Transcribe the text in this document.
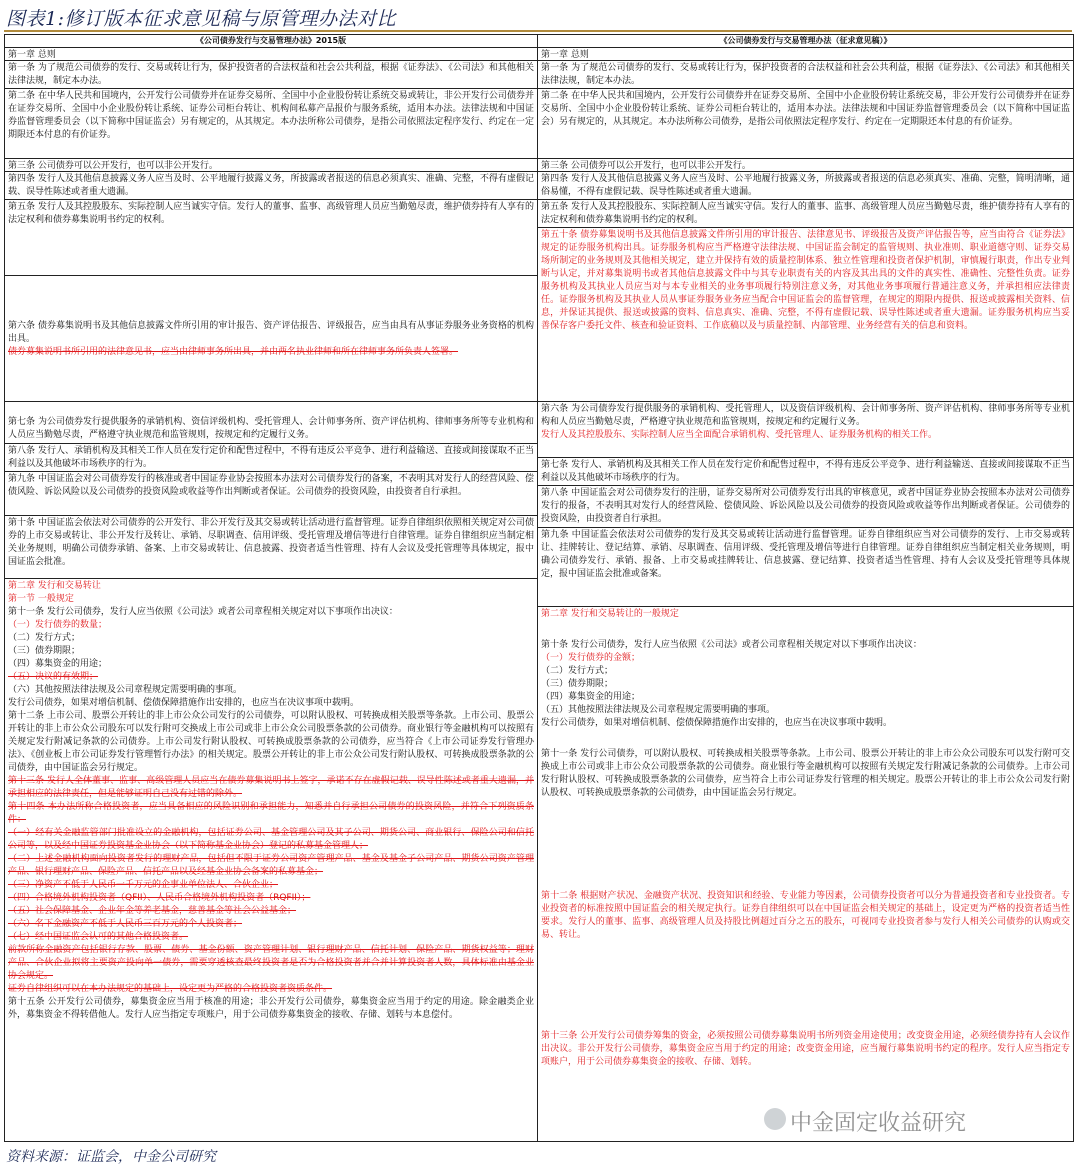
图表1:修订版本征求意见稿与原管理办法对比
《公司债券发行与交易管理办法》2015版

第一章 总则

第一条 为了规范公司债券的发行、交易或转让行为，保护投资者的合法权益和社会公共利益，根据《证券法》、《公司法》和其他相关法律法规，制定本办法。

第二条 在中华人民共和国境内，公开发行公司债券并在证券交易所、全国中小企业股份转让系统交易或转让，非公开发行公司债券并在证券交易所、全国中小企业股份转让系统、证券公司柜台转让、机构间私募产品报价与服务系统，适用本办法。法律法规和中国证券监督管理委员会（以下简称中国证监会）另有规定的，从其规定。本办法所称公司债券，是指公司依照法定程序发行、约定在一定期限还本付息的有价证券。

第三条 公司债券可以公开发行，也可以非公开发行。

第四条 发行人及其他信息披露义务人应当及时、公平地履行披露义务，所披露或者报送的信息必须真实、准确、完整，不得有虚假记载、误导性陈述或者重大遗漏。

第五条 发行人及其控股股东、实际控制人应当诚实守信。发行人的董事、监事、高级管理人员应当勤勉尽责，维护债券持有人享有的法定权利和债券募集说明书约定的权利。

第六条 债券募集说明书及其他信息披露文件所引用的审计报告、资产评估报告、评级报告，应当由具有从事证券服务业务资格的机构出具。

债券募集说明书所引用的法律意见书，应当由律师事务所出具，并由两名执业律师和所在律师事务所负责人签署。

第七条 为公司债券发行提供服务的承销机构、资信评级机构、受托管理人、会计师事务所、资产评估机构、律师事务所等专业机构和人员应当勤勉尽责，严格遵守执业规范和监管规则，按规定和约定履行义务。

第八条 发行人、承销机构及其相关工作人员在发行定价和配售过程中，不得有违反公平竞争、进行利益输送、直接或间接谋取不正当利益以及其他破坏市场秩序的行为。

第九条 中国证监会对公司债券发行的核准或者中国证券业协会按照本办法对公司债券发行的备案，不表明其对发行人的经营风险、偿债风险、诉讼风险以及公司债券的投资风险或收益等作出判断或者保证。公司债券的投资风险，由投资者自行承担。

第十条 中国证监会依法对公司债券的公开发行、非公开发行及其交易或转让活动进行监督管理。证券自律组织依照相关规定对公司债券的上市交易或转让、非公开发行及转让、承销、尽职调查、信用评级、受托管理及增信等进行自律管理。证券自律组织应当制定相关业务规则，明确公司债券承销、备案、上市交易或转让、信息披露、投资者适当性管理、持有人会议及受托管理等具体规定，报中国证监会批准。

第二章 发行和交易转让

第一节 一般规定

第十一条 发行公司债券，发行人应当依照《公司法》或者公司章程相关规定对以下事项作出决议：

（一）发行债券的数量；

（二）发行方式；

（三）债券期限；

（四）募集资金的用途；

（五）决议的有效期；

（六）其他按照法律法规及公司章程规定需要明确的事项。

发行公司债券，如果对增信机制、偿债保障措施作出安排的，也应当在决议事项中载明。

第十二条 上市公司、股票公开转让的非上市公众公司发行的公司债券，可以附认股权、可转换成相关股票等条款。上市公司、股票公开转让的非上市公众公司股东可以发行附可交换成上市公司或非上市公众公司股票条款的公司债券。商业银行等金融机构可以按照有关规定发行附减记条款的公司债券。上市公司发行附认股权、可转换成股票条款的公司债券，应当符合《上市公司证券发行管理办法》、《创业板上市公司证券发行管理暂行办法》的相关规定。股票公开转让的非上市公众公司发行附认股权、可转换成股票条款的公司债券，由中国证监会另行规定。

第十三条 发行人全体董事、监事、高级管理人员应当在债券募集说明书上签字，承诺不存在虚假记载、误导性陈述或者重大遗漏，并承担相应的法律责任，但是能够证明自己没有过错的除外。

第十四条 本办法所称合格投资者，应当具备相应的风险识别和承担能力，知悉并自行承担公司债券的投资风险，并符合下列资质条件：

（一）经有关金融监管部门批准设立的金融机构，包括证券公司、基金管理公司及其子公司、期货公司、商业银行、保险公司和信托公司等，以及经中国证券投资基金业协会（以下简称基金业协会）登记的私募基金管理人；

（二）上述金融机构面向投资者发行的理财产品，包括但不限于证券公司资产管理产品、基金及基金子公司产品、期货公司资产管理产品、银行理财产品、保险产品、信托产品以及经基金业协会备案的私募基金；

（三）净资产不低于人民币一千万元的企事业单位法人、合伙企业；

（四）合格境外机构投资者（QFII）、人民币合格境外机构投资者（RQFII）；

（五）社会保障基金、企业年金等养老基金，慈善基金等社会公益基金；

（六）名下金融资产不低于人民币三百万元的个人投资者；

（七）经中国证监会认可的其他合格投资者。

前款所称金融资产包括银行存款、股票、债券、基金份额、资产管理计划、银行理财产品、信托计划、保险产品、期货权益等；理财产品、合伙企业拟将主要资产投向单一债券，需要穿透核查最终投资者是否为合格投资者并合并计算投资者人数，具体标准由基金业协会规定。

证券自律组织可以在本办法规定的基础上，设定更为严格的合格投资者资质条件。

第十五条 公开发行公司债券，募集资金应当用于核准的用途；非公开发行公司债券，募集资金应当用于约定的用途。除金融类企业外，募集资金不得转借他人。发行人应当指定专项账户，用于公司债券募集资金的接收、存储、划转与本息偿付。

《公司债券发行与交易管理办法（征求意见稿）》

第一章 总则

第一条 为了规范公司债券的发行、交易或转让行为，保护投资者的合法权益和社会公共利益，根据《证券法》、《公司法》和其他相关法律法规，制定本办法。

第二条 在中华人民共和国境内，公开发行公司债券并在证券交易所、全国中小企业股份转让系统交易，非公开发行公司债券并在证券交易所、全国中小企业股份转让系统、证券公司柜台转让的，适用本办法。法律法规和中国证券监督管理委员会（以下简称中国证监会）另有规定的，从其规定。本办法所称公司债券，是指公司依照法定程序发行、约定在一定期限还本付息的有价证券。

第三条 公司债券可以公开发行，也可以非公开发行。

第四条 发行人及其他信息披露义务人应当及时、公平地履行披露义务，所披露或者报送的信息必须真实、准确、完整，简明清晰，通俗易懂，不得有虚假记载、误导性陈述或者重大遗漏。

第五条 发行人及其控股股东、实际控制人应当诚实守信。发行人的董事、监事、高级管理人员应当勤勉尽责，维护债券持有人享有的法定权利和债券募集说明书约定的权利。

第五十条 债券募集说明书及其他信息披露文件所引用的审计报告、法律意见书、评级报告及资产评估报告等，应当由符合《证券法》规定的证券服务机构出具。证券服务机构应当严格遵守法律法规、中国证监会制定的监管规则、执业准则、职业道德守则、证券交易场所制定的业务规则及其他相关规定，建立并保持有效的质量控制体系、独立性管理和投资者保护机制，审慎履行职责，作出专业判断与认定，并对募集说明书或者其他信息披露文件中与其专业职责有关的内容及其出具的文件的真实性、准确性、完整性负责。证券服务机构及其执业人员应当对与本专业相关的业务事项履行特别注意义务，对其他业务事项履行普通注意义务，并承担相应法律责任。证券服务机构及其执业人员从事证券服务业务应当配合中国证监会的监督管理，在规定的期限内提供、报送或披露相关资料、信息，并保证其提供、报送或披露的资料、信息真实、准确、完整，不得有虚假记载、误导性陈述或者重大遗漏。证券服务机构应当妥善保存客户委托文件、核查和验证资料、工作底稿以及与质量控制、内部管理、业务经营有关的信息和资料。

第六条 为公司债券发行提供服务的承销机构、受托管理人，以及资信评级机构、会计师事务所、资产评估机构、律师事务所等专业机构和人员应当勤勉尽责，严格遵守执业规范和监管规则，按规定和约定履行义务。

发行人及其控股股东、实际控制人应当全面配合承销机构、受托管理人、证券服务机构的相关工作。

第七条 发行人、承销机构及其相关工作人员在发行定价和配售过程中，不得有违反公平竞争、进行利益输送、直接或间接谋取不正当利益以及其他破坏市场秩序的行为。

第八条 中国证监会对公司债券发行的注册，证券交易所对公司债券发行出具的审核意见，或者中国证券业协会按照本办法对公司债券发行的报备，不表明其对发行人的经营风险、偿债风险、诉讼风险以及公司债券的投资风险或收益等作出判断或者保证。公司债券的投资风险，由投资者自行承担。

第九条 中国证监会依法对公司债券的发行及其交易或转让活动进行监督管理。证券自律组织应当对公司债券的发行、上市交易或转让、挂牌转让、登记结算、承销、尽职调查、信用评级、受托管理及增信等进行自律管理。证券自律组织应当制定相关业务规则，明确公司债券发行、承销、报备、上市交易或挂牌转让、信息披露、登记结算、投资者适当性管理、持有人会议及受托管理等具体规定，报中国证监会批准或备案。

第二章 发行和交易转让的一般规定

第十条 发行公司债券，发行人应当依照《公司法》或者公司章程相关规定对以下事项作出决议：

（一）发行债券的金额；

（二）发行方式；

（三）债券期限；

（四）募集资金的用途；

（五）其他按照法律法规及公司章程规定需要明确的事项。

发行公司债券，如果对增信机制、偿债保障措施作出安排的，也应当在决议事项中载明。

第十一条 发行公司债券，可以附认股权、可转换成相关股票等条款。上市公司、股票公开转让的非上市公众公司股东可以发行附可交换成上市公司或非上市公众公司股票条款的公司债券。商业银行等金融机构可以按照有关规定发行附减记条款的公司债券。上市公司发行附认股权、可转换成股票条款的公司债券，应当符合上市公司证券发行管理的相关规定。股票公开转让的非上市公众公司发行附认股权、可转换成股票条款的公司债券，由中国证监会另行规定。

第十二条 根据财产状况、金融资产状况、投资知识和经验、专业能力等因素，公司债券投资者可以分为普通投资者和专业投资者。专业投资者的标准按照中国证监会的相关规定执行。证券自律组织可以在中国证监会相关规定的基础上，设定更为严格的投资者适当性要求。发行人的董事、监事、高级管理人员及持股比例超过百分之五的股东，可视同专业投资者参与发行人相关公司债券的认购或交易、转让。

第十三条 公开发行公司债券筹集的资金，必须按照公司债券募集说明书所列资金用途使用；改变资金用途，必须经债券持有人会议作出决议。非公开发行公司债券，募集资金应当用于约定的用途；改变资金用途，应当履行募集说明书约定的程序。发行人应当指定专项账户，用于公司债券募集资金的接收、存储、划转。

中金固定收益研究
资料来源：证监会，中金公司研究
